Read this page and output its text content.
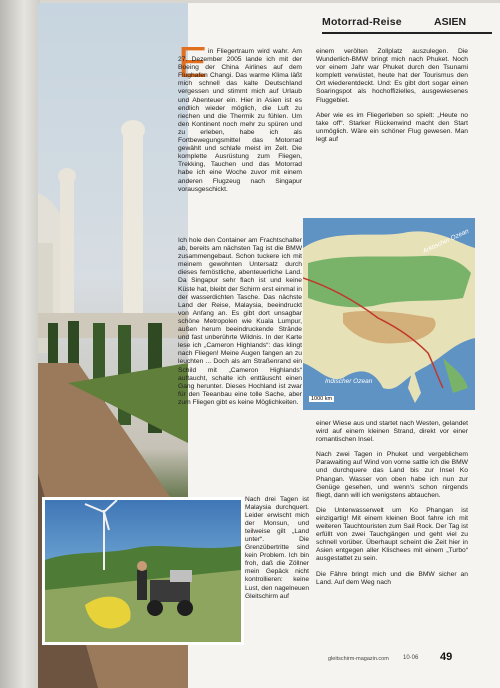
Motorrad-Reise	ASIEN
E in Fliegertraum wird wahr. Am 27. Dezember 2005 lande ich mit der Boeing der China Airlines auf dem Flughafen Changi. Das warme Klima läßt mich schnell das kalte Deutschland vergessen und stimmt mich auf Urlaub und Abenteuer ein. Hier in Asien ist es endlich wieder möglich, die Luft zu riechen und die Thermik zu fühlen. Um den Kontinent noch mehr zu spüren und zu erleben, habe ich als Fortbewegungsmittel das Motorrad gewählt und schlafe meist im Zelt. Die komplette Ausrüstung zum Fliegen, Trekking, Tauchen und das Motorrad habe ich eine Woche zuvor mit einem anderen Flugzeug nach Singapur vorausgeschickt.

Ich hole den Container am Frachtschalter ab, bereits am nächsten Tag ist die BMW zusammengebaut. Schon tuckere ich mit meinem gewohnten Untersatz durch dieses fernöstliche, abenteuerliche Land. Da Singapur sehr flach ist und keine Küste hat, bleibt der Schirm erst einmal in der wasserdichten Tasche. Das nächste Land der Reise, Malaysia, beeindruckt von Anfang an. Es gibt dort unsagbar schöne Metropolen wie Kuala Lumpur, außen herum beeindruckende Strände und fast unberührte Wildnis. In der Karte lese ich „Cameron Highlands“: das klingt nach Fliegen! Meine Augen fangen an zu leuchten ... Doch als am Straßenrand ein Schild mit „Cameron Highlands“ auftaucht, schalte ich enttäuscht einen Gang herunter. Dieses Hochland ist zwar für den Teeanbau eine tolle Sache, aber zum Fliegen gibt es keine Möglichkeiten.

Nach drei Tagen ist Malaysia durchquert. Leider erwischt mich der Monsun, und teilweise gilt „Land unter“. Die Grenzübertritte sind kein Problem. Ich bin froh, daß die Zöllner mein Gepäck nicht kontrollieren: keine Lust, den nagelneuen Gleitschirm auf

einem verölten Zollplatz auszulegen. Die Wunderlich-BMW bringt mich nach Phuket. Noch vor einem Jahr war Phuket durch den Tsunami komplett verwüstet, heute hat der Tourismus den Ort wiederentdeckt. Und: Es gibt dort sogar einen Soaringspot als hochoffizielles, ausgewiesenes Fluggebiet.

Aber wie es im Fliegerleben so spielt: „Heute no take off“. Starker Rückenwind macht den Start unmöglich. Wäre ein schöner Flug gewesen. Man legt auf

Arktischer Ozean
Indischer Ozean
1000 km

einer Wiese aus und startet nach Westen, gelandet wird auf einem kleinen Strand, direkt vor einer romantischen Insel.

Nach zwei Tagen in Phuket und vergeblichem Parawaiting auf Wind von vorne sattle ich die BMW und durchquere das Land bis zur Insel Ko Phangan. Wasser von oben habe ich nun zur Genüge gesehen, und wenn's schon nirgends fliegt, dann will ich wenigstens abtauchen.

Die Unterwasserwelt um Ko Phangan ist einzigartig! Mit einem kleinen Boot fahre ich mit weiteren Tauchtouristen zum Sail Rock. Der Tag ist erfüllt von zwei Tauchgängen und geht viel zu schnell vorüber. Überhaupt scheint die Zeit hier in Asien entgegen aller Klischees mit einem „Turbo“ ausgestattet zu sein.

Die Fähre bringt mich und die BMW sicher an Land. Auf dem Weg nach

gleitschirm-magazin.com 10·06 49
